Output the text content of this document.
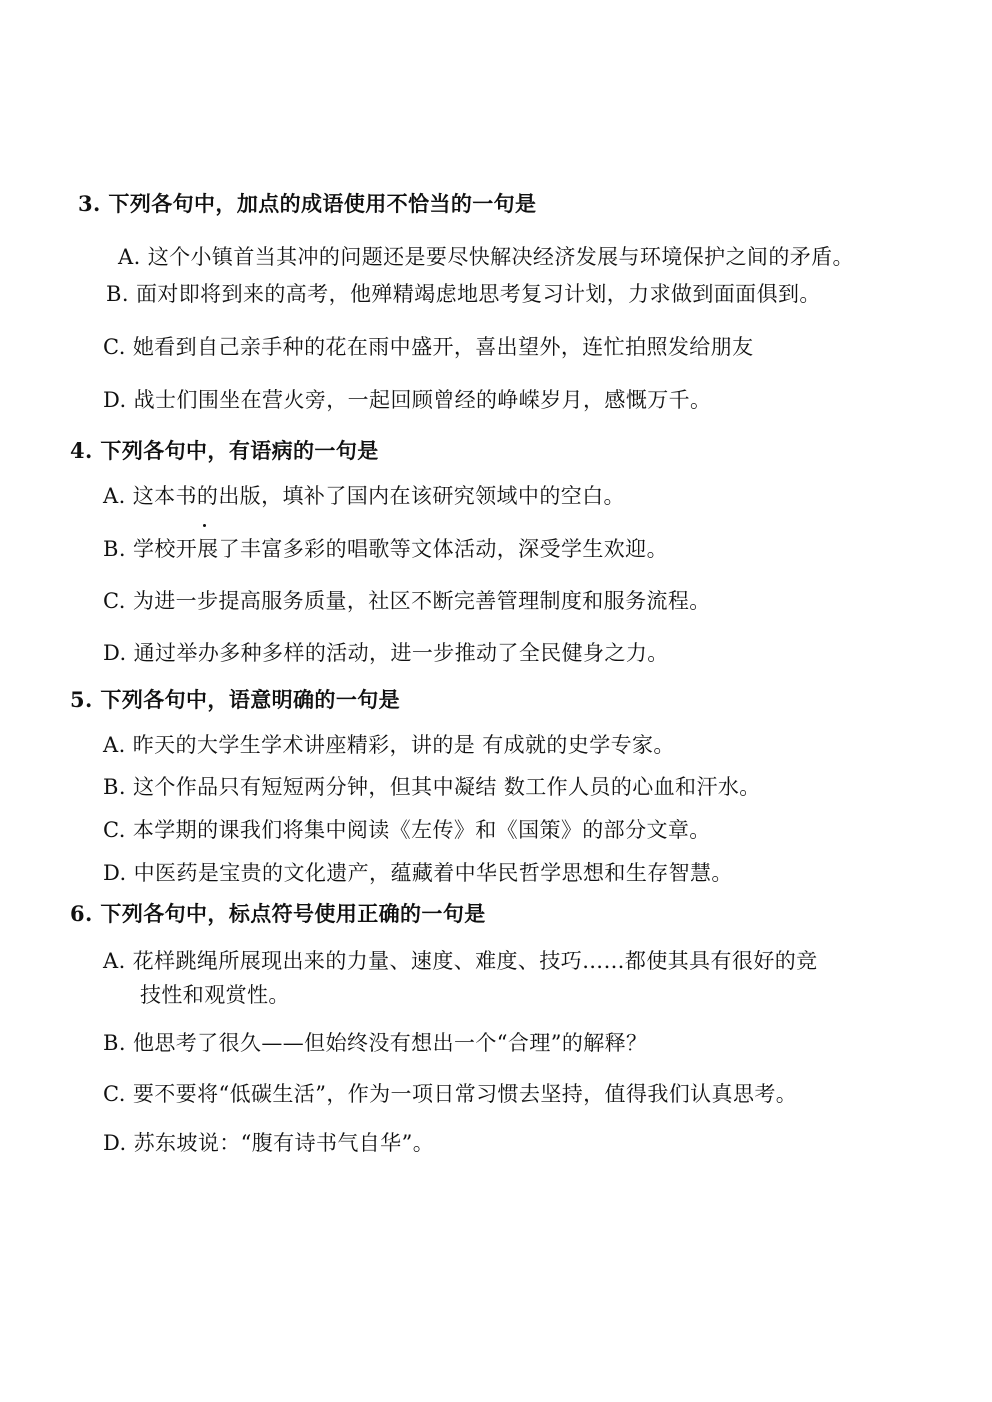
3. 下列各句中，加点的成语使用不恰当的一句是
A. 这个小镇首当其冲的问题还是要尽快解决经济发展与环境保护之间的矛盾。
B. 面对即将到来的高考，他殚精竭虑地思考复习计划，力求做到面面俱到。
C. 她看到自己亲手种的花在雨中盛开，喜出望外，连忙拍照发给朋友
D. 战士们围坐在营火旁，一起回顾曾经的峥嵘岁月，感慨万千。
4. 下列各句中，有语病的一句是
A. 这本书的出版，填补了国内在该研究领域中的空白。
B. 学校开展了丰富多彩的唱歌等文体活动，深受学生欢迎。
C. 为进一步提高服务质量，社区不断完善管理制度和服务流程。
D. 通过举办多种多样的活动，进一步推动了全民健身之力。
5. 下列各句中，语意明确的一句是
A. 昨天的大学生学术讲座精彩，讲的是 有成就的史学专家。
B. 这个作品只有短短两分钟，但其中凝结 数工作人员的心血和汗水。
C. 本学期的课我们将集中阅读《左传》和《国策》的部分文章。
D. 中医药是宝贵的文化遗产，蕴藏着中华民哲学思想和生存智慧。
6. 下列各句中，标点符号使用正确的一句是
A. 花样跳绳所展现出来的力量、速度、难度、技巧……都使其具有很好的竞
技性和观赏性。
B. 他思考了很久——但始终没有想出一个“合理”的解释？
C. 要不要将“低碳生活”，作为一项日常习惯去坚持，值得我们认真思考。
D. 苏东坡说：“腹有诗书气自华”。
